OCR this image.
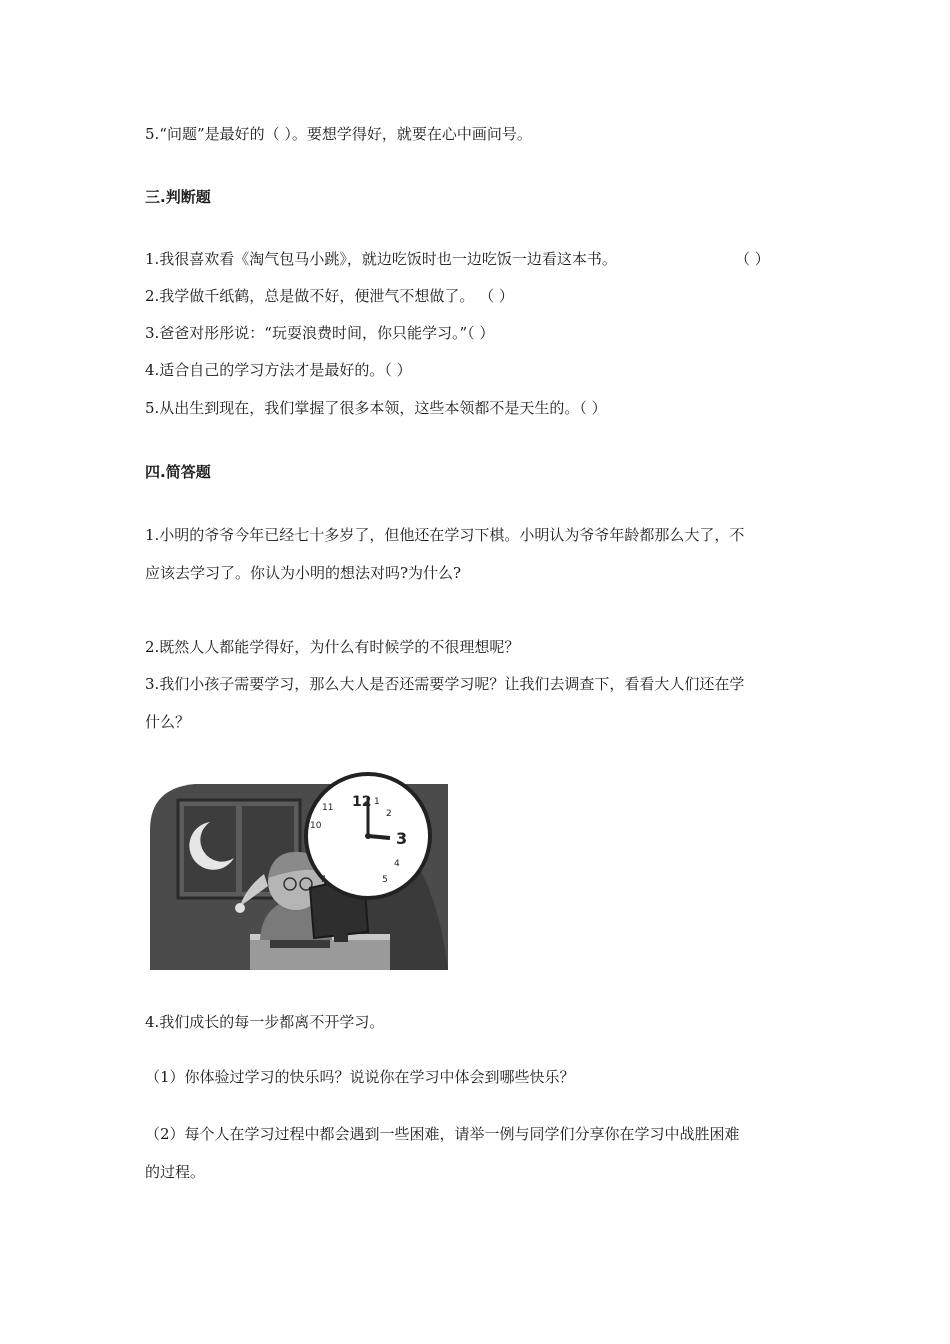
5.“问题”是最好的（ ）。要想学得好，就要在心中画问号。
三.判断题
1.我很喜欢看《淘气包马小跳》，就边吃饭时也一边吃饭一边看这本书。	（ ）
2.我学做千纸鹤，总是做不好，便泄气不想做了。 （ ）
3.爸爸对彤彤说：“玩耍浪费时间，你只能学习。”（ ）
4.适合自己的学习方法才是最好的。（ ）
5.从出生到现在，我们掌握了很多本领，这些本领都不是天生的。（ ）
四.简答题
1.小明的爷爷今年已经七十多岁了，但他还在学习下棋。小明认为爷爷年龄都那么大了，不
应该去学习了。你认为小明的想法对吗?为什么?
2.既然人人都能学得好，为什么有时候学的不很理想呢？
3.我们小孩子需要学习，那么大人是否还需要学习呢？让我们去调查下，看看大人们还在学
什么？
12 1
2
3
4
5
7
10
11
4.我们成长的每一步都离不开学习。
（1）你体验过学习的快乐吗？说说你在学习中体会到哪些快乐？
（2）每个人在学习过程中都会遇到一些困难，请举一例与同学们分享你在学习中战胜困难
的过程。
